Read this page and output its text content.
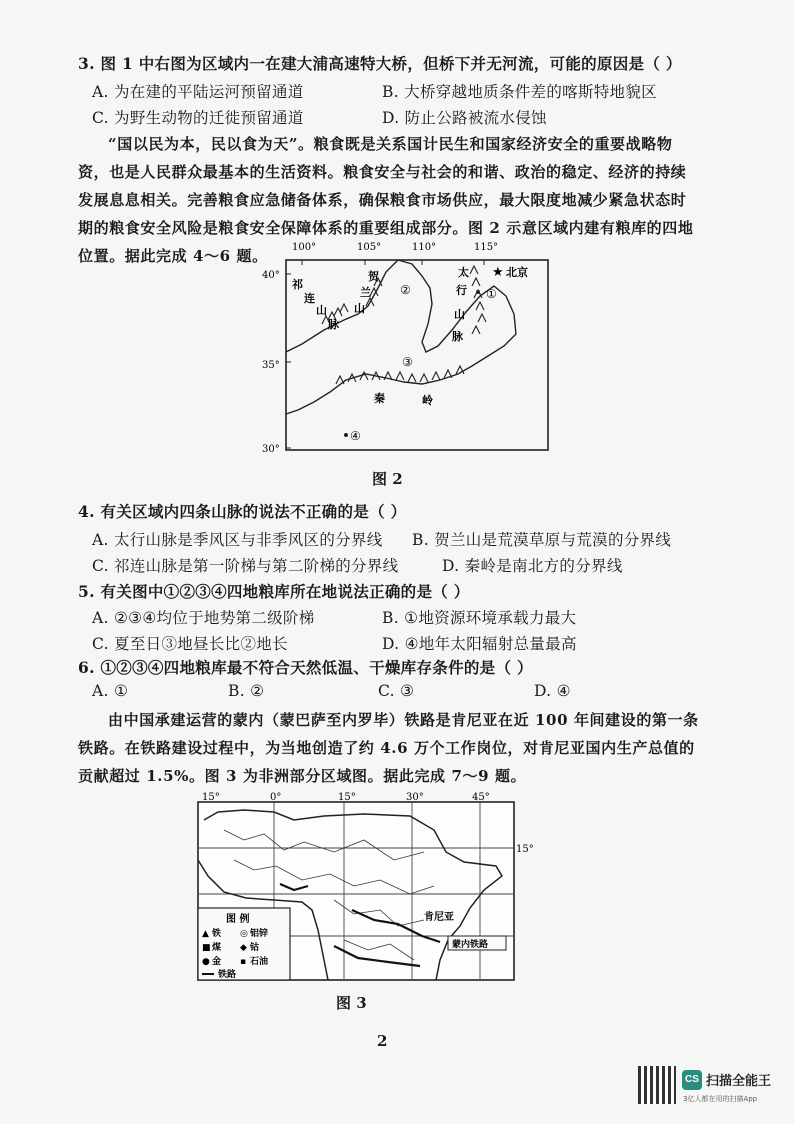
3. 图 1 中右图为区域内一在建大浦高速特大桥，但桥下并无河流，可能的原因是（ ）
A. 为在建的平陆运河预留通道	B. 大桥穿越地质条件差的喀斯特地貌区
C. 为野生动物的迁徙预留通道	D. 防止公路被流水侵蚀
“国以民为本，民以食为天”。粮食既是关系国计民生和国家经济安全的重要战略物资，也是人民群众最基本的生活资料。粮食安全与社会的和谐、政治的稳定、经济的持续发展息息相关。完善粮食应急储备体系，确保粮食市场供应，最大限度地减少紧急状态时期的粮食安全风险是粮食安全保障体系的重要组成部分。图 2 示意区域内建有粮库的四地位置。据此完成 4～6 题。	100°	105°	110°	115°
40°
35°
30°
祁
连
山
脉
贺
兰
山
太
行
山
脉
秦	岭
★ 北京
①
②
③
④
图 2
4. 有关区域内四条山脉的说法不正确的是（ ）
A. 太行山脉是季风区与非季风区的分界线 B. 贺兰山是荒漠草原与荒漠的分界线
C. 祁连山脉是第一阶梯与第二阶梯的分界线	D. 秦岭是南北方的分界线
5. 有关图中①②③④四地粮库所在地说法正确的是（ ）
A. ②③④均位于地势第二级阶梯	B. ①地资源环境承载力最大
C. 夏至日③地昼长比②地长	D. ④地年太阳辐射总量最高
6. ①②③④四地粮库最不符合天然低温、干燥库存条件的是（ ）
A. ①	B. ②	C. ③	D. ④
由中国承建运营的蒙内（蒙巴萨至内罗毕）铁路是肯尼亚在近 100 年间建设的第一条铁路。在铁路建设过程中，为当地创造了约 4.6 万个工作岗位，对肯尼亚国内生产总值的贡献超过 1.5%。图 3 为非洲部分区域图。据此完成 7～9 题。
15°	0°	15°	30°	45°
15°
图 例
▲ 铁 ◎ 铝锌
■ 煤 ◆ 钴
● 金 ▪ 石油
铁路
肯尼亚
蒙内铁路
图 3
2
CS 扫描全能王
3亿人都在用的扫描App
